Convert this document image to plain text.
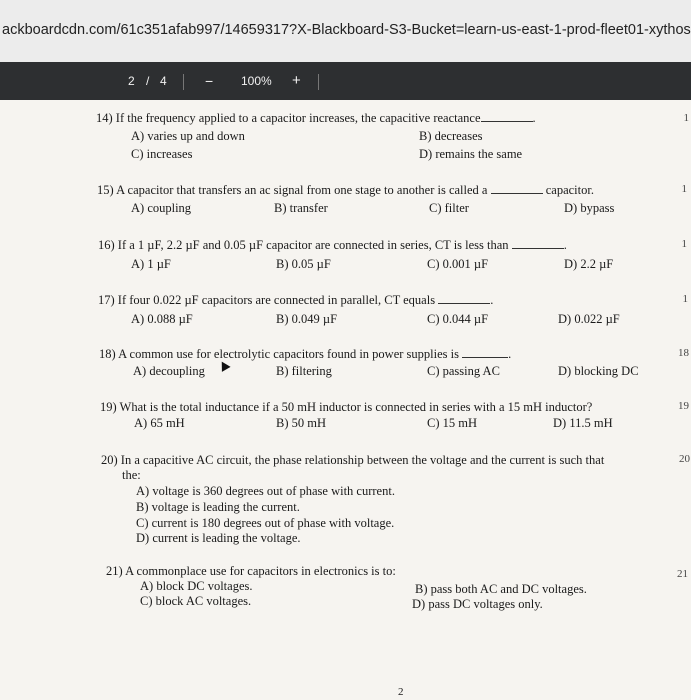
ackboardcdn.com/61c351afab997/14659317?X-Blackboard-S3-Bucket=learn-us-east-1-prod-fleet01-xythos
2 / 4	− 100% +
14) If the frequency applied to a capacitor increases, the capacitive reactance	.
A) varies up and down	B) decreases
C) increases	D) remains the same
15) A capacitor that transfers an ac signal from one stage to another is called a	capacitor.
A) coupling	B) transfer	C) filter	D) bypass
16) If a 1 µF, 2.2 µF and 0.05 µF capacitor are connected in series, CT is less than	.
A) 1 µF	B) 0.05 µF	C) 0.001 µF	D) 2.2 µF
17) If four 0.022 µF capacitors are connected in parallel, CT equals	.
A) 0.088 µF	B) 0.049 µF	C) 0.044 µF	D) 0.022 µF
18) A common use for electrolytic capacitors found in power supplies is	.
A) decoupling	B) filtering	C) passing AC	D) blocking DC
19) What is the total inductance if a 50 mH inductor is connected in series with a 15 mH inductor?
A) 65 mH	B) 50 mH	C) 15 mH	D) 11.5 mH
20) In a capacitive AC circuit, the phase relationship between the voltage and the current is such that
the:
A) voltage is 360 degrees out of phase with current.
B) voltage is leading the current.
C) current is 180 degrees out of phase with voltage.
D) current is leading the voltage.
21) A commonplace use for capacitors in electronics is to:
A) block DC voltages.	B) pass both AC and DC voltages.
C) block AC voltages.	D) pass DC voltages only.
1
1
1
1
18
19
20
21
2
